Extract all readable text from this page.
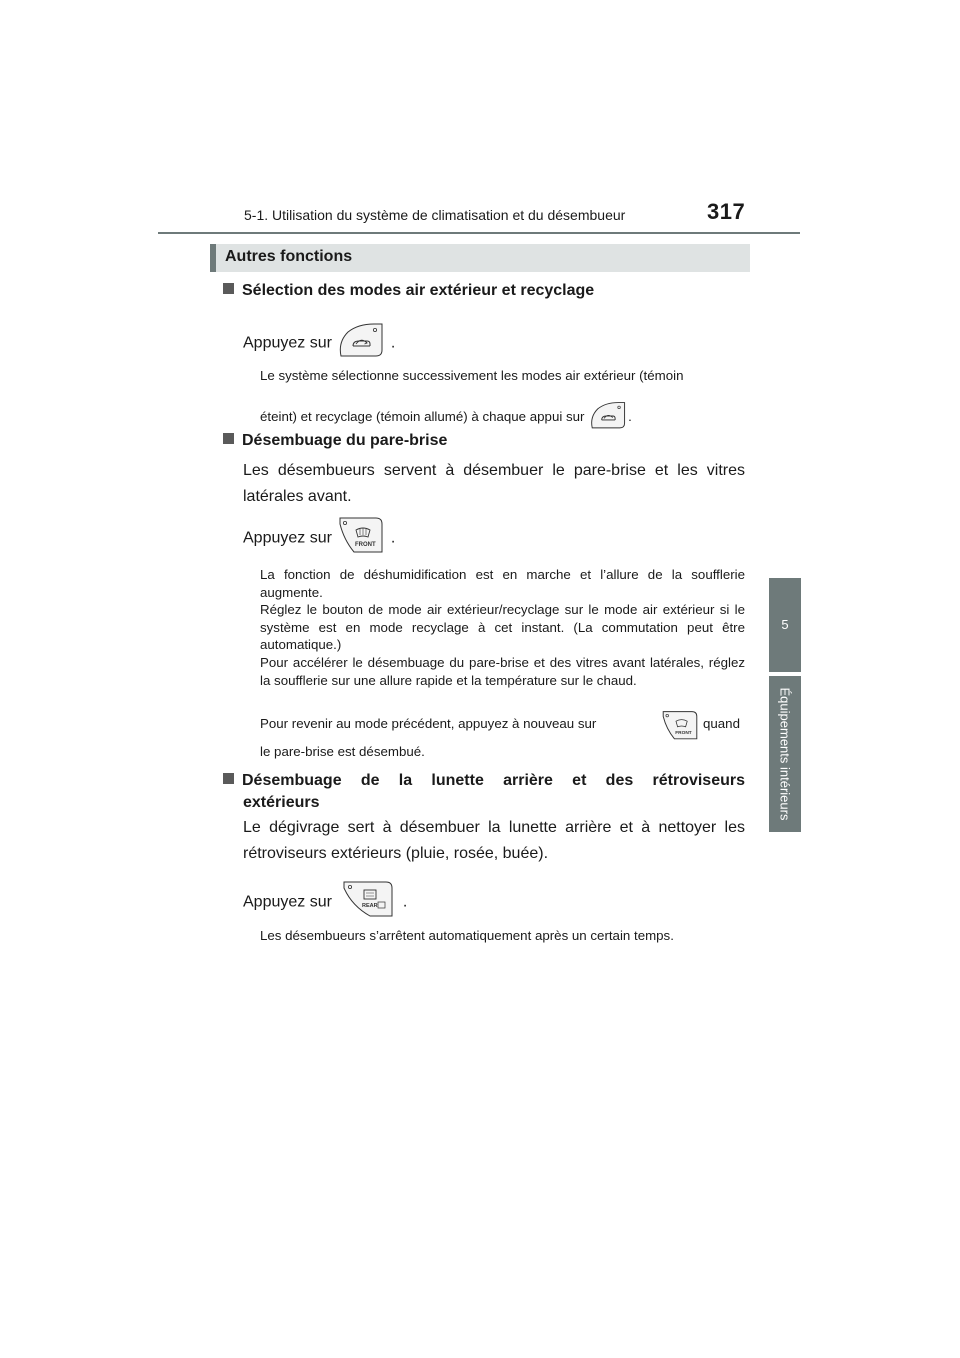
5-1. Utilisation du système de climatisation et du désembueur	317
5
Équipements intérieurs
Autres fonctions
Sélection des modes air extérieur et recyclage
Appuyez sur	.
Le système sélectionne successivement les modes air extérieur (témoin
éteint) et recyclage (témoin allumé) à chaque appui sur	.
Désembuage du pare-brise
Les désembueurs servent à désembuer le pare-brise et les vitres latérales avant.
Appuyez sur	FRONT .
La fonction de déshumidification est en marche et l’allure de la soufflerie augmente.
Réglez le bouton de mode air extérieur/recyclage sur le mode air extérieur si le système est en mode recyclage à cet instant. (La commutation peut être automatique.)
Pour accélérer le désembuage du pare-brise et des vitres avant latérales, réglez la soufflerie sur une allure rapide et la température sur le chaud.
Pour revenir au mode précédent, appuyez à nouveau sur
FRONT
quand
le pare-brise est désembué.
Désembuage de la lunette arrière et des rétroviseurs
extérieurs
Le dégivrage sert à désembuer la lunette arrière et à nettoyer les rétroviseurs extérieurs (pluie, rosée, buée).
Appuyez sur	REAR .
Les désembueurs s’arrêtent automatiquement après un certain temps.
